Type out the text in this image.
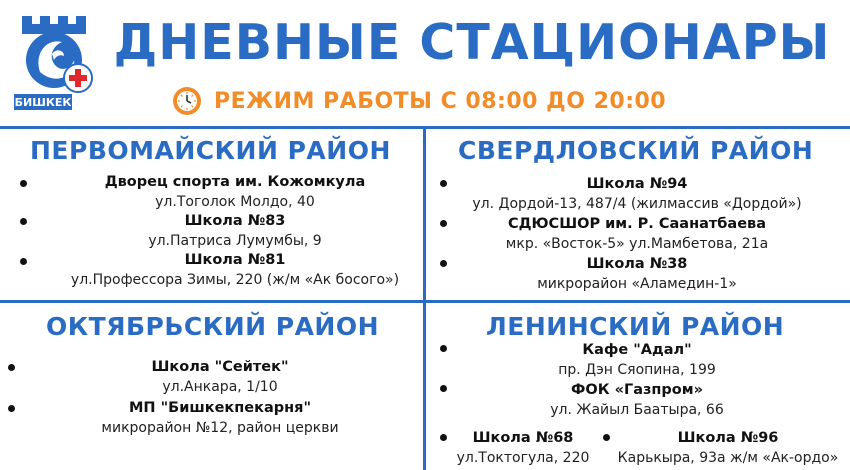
БИШКЕК
ДНЕВНЫЕ СТАЦИОНАРЫ
РЕЖИМ РАБОТЫ С 08:00 ДО 20:00
ПЕРВОМАЙСКИЙ РАЙОН
Дворец спорта им. Кожомкула
ул.Тоголок Молдо, 40
Школа №83
ул.Патриса Лумумбы, 9
Школа №81
ул.Профессора Зимы, 220 (ж/м «Ак босого»)
СВЕРДЛОВСКИЙ РАЙОН
Школа №94
ул. Дордой-13, 487/4 (жилмассив «Дордой»)
СДЮСШОР им. Р. Саанатбаева
мкр. «Восток-5» ул.Мамбетова, 21а
Школа №38
микрорайон «Аламедин-1»
ОКТЯБРЬСКИЙ РАЙОН
Школа "Сейтек"
ул.Анкара, 1/10
МП "Бишкекпекарня"
микрорайон №12, район церкви
ЛЕНИНСКИЙ РАЙОН
Кафе "Адал"
пр. Дэн Сяопина, 199
ФОК «Газпром»
ул. Жайыл Баатыра, 66
Школа №68
ул.Токтогула, 220
Школа №96
Карькыра, 93а ж/м «Ак-ордо»
